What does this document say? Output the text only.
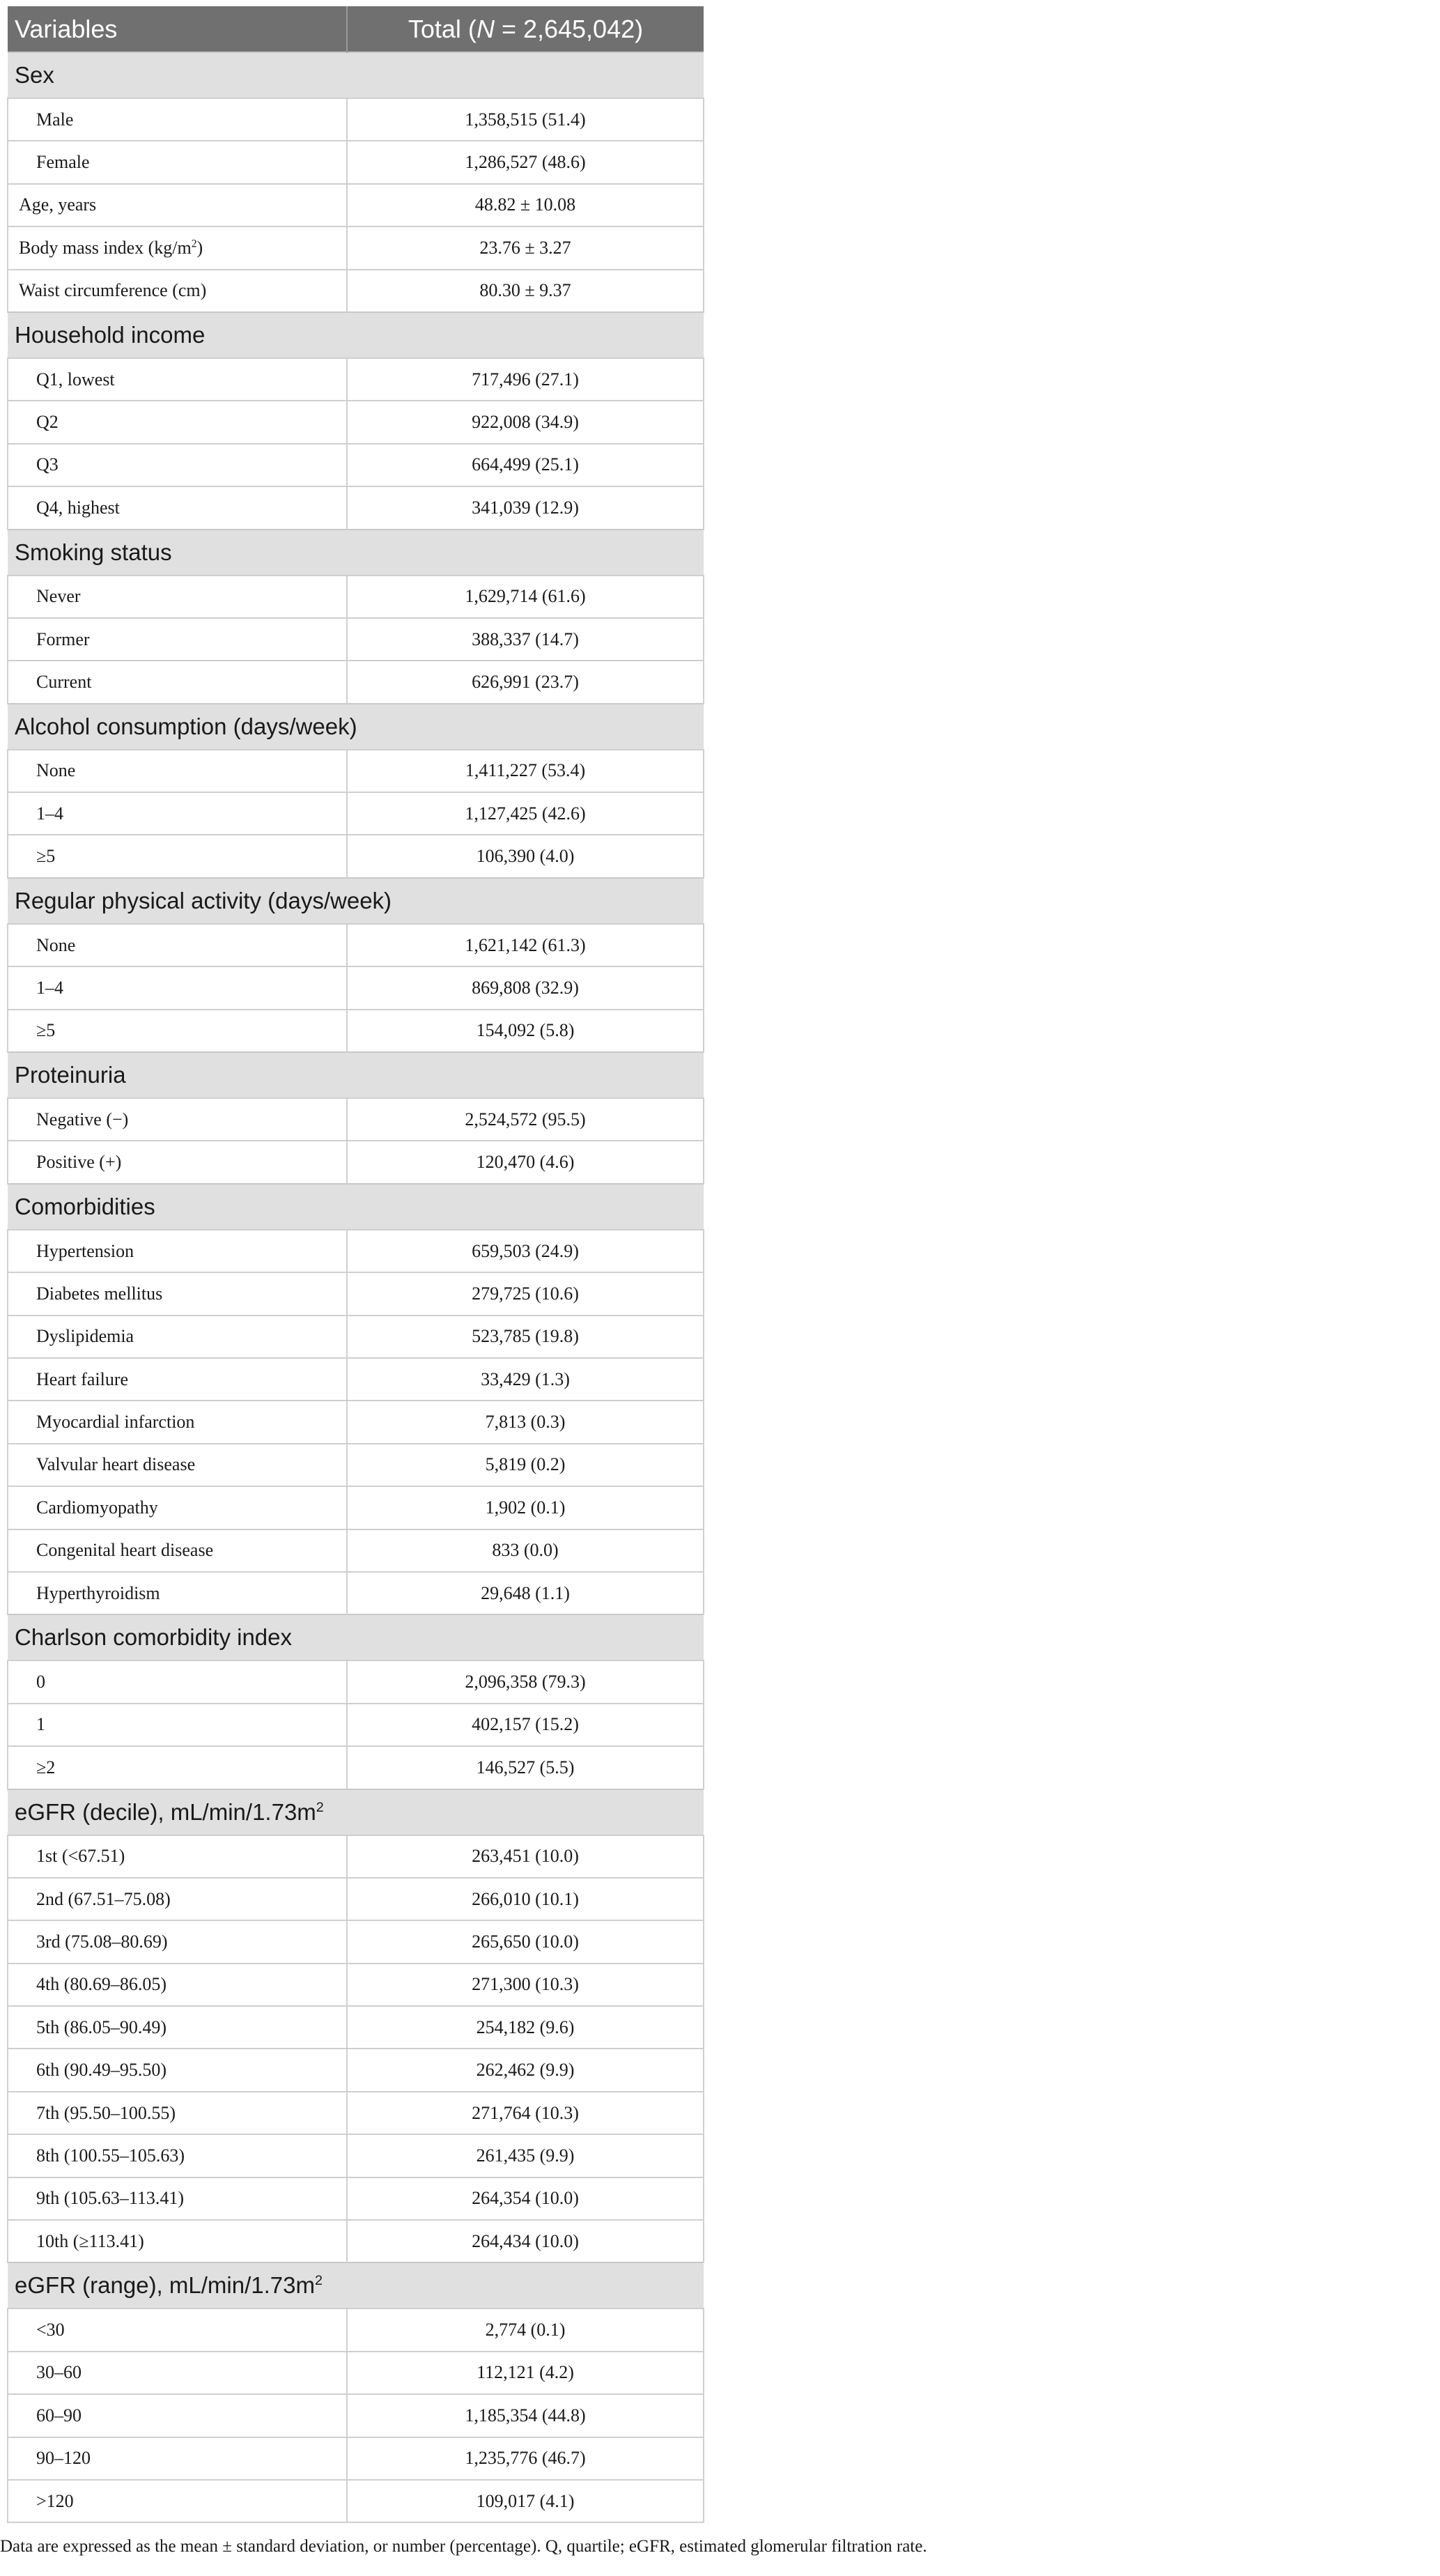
Variables	Total (N = 2,645,042)
Sex	
Male	1,358,515 (51.4)
Female	1,286,527 (48.6)
Age, years	48.82 ± 10.08
Body mass index $(kg/m^2)$	23.76 ± 3.27
Waist circumference (cm)	80.30 ± 9.37
Household income	
Q1, lowest	717,496 (27.1)
Q2	922,008 (34.9)
Q3	664,499 (25.1)
Q4, highest	341,039 (12.9)
Smoking status	
Never	1,629,714 (61.6)
Former	388,337 (14.7)
Current	626,991 (23.7)
Alcohol consumption (days/week)	
None	1,411,227 (53.4)
1–4	1,127,425 (42.6)
≥5	106,390 (4.0)
Regular physical activity (days/week)	
None	1,621,142 (61.3)
1–4	869,808 (32.9)
≥5	154,092 (5.8)
Proteinuria	
Negative (−)	2,524,572 (95.5)
Positive (+)	120,470 (4.6)
Comorbidities	
Hypertension	659,503 (24.9)
Diabetes mellitus	279,725 (10.6)
Dyslipidemia	523,785 (19.8)
Heart failure	33,429 (1.3)
Myocardial infarction	7,813 (0.3)
Valvular heart disease	5,819 (0.2)
Cardiomyopathy	1,902 (0.1)
Congenital heart disease	833 (0.0)
Hyperthyroidism	29,648 (1.1)
Charlson comorbidity index	
0	2,096,358 (79.3)
1	402,157 (15.2)
≥2	146,527 (5.5)
eGFR (decile), $mL/\min/1.73m^2$
1st (<67.51)	263,451 (10.0)
2nd (67.51–75.08)	266,010 (10.1)
3rd (75.08–80.69)	265,650 (10.0)
4th (80.69–86.05)	271,300 (10.3)
5th (86.05–90.49)	254,182 (9.6)
6th (90.49–95.50)	262,462 (9.9)
7th (95.50–100.55)	271,764 (10.3)
8th (100.55–105.63)	261,435 (9.9)
9th (105.63–113.41)	264,354 (10.0)
10th (≥113.41)	264,434 (10.0)
eGFR (range), $mL/\min/1.73m^2$
<30	2,774 (0.1)
30–60	112,121 (4.2)
60–90	1,185,354 (44.8)
90–120	1,235,776 (46.7)
>120	109,017 (4.1)
Data are expressed as the mean ± standard deviation, or number (percentage). Q, quartile; eGFR, estimated glomerular filtration rate.
